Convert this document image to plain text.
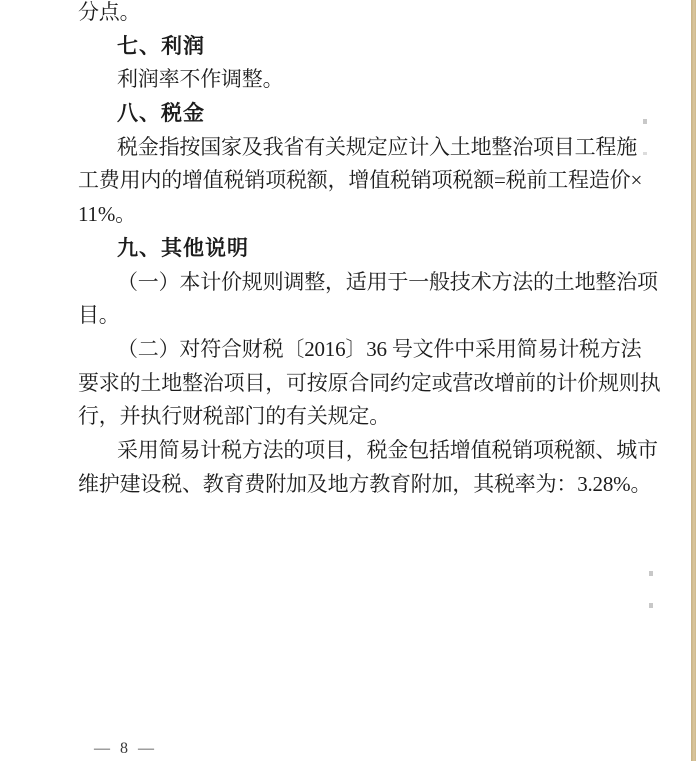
分点。
七、利润
利润率不作调整。
八、税金
税金指按国家及我省有关规定应计入土地整治项目工程施
工费用内的增值税销项税额，增值税销项税额=税前工程造价×
11%。
九、其他说明
（一）本计价规则调整，适用于一般技术方法的土地整治项
目。
（二）对符合财税〔2016〕36 号文件中采用简易计税方法
要求的土地整治项目，可按原合同约定或营改增前的计价规则执
行，并执行财税部门的有关规定。
采用简易计税方法的项目，税金包括增值税销项税额、城市
维护建设税、教育费附加及地方教育附加，其税率为：3.28%。
— 8 —
